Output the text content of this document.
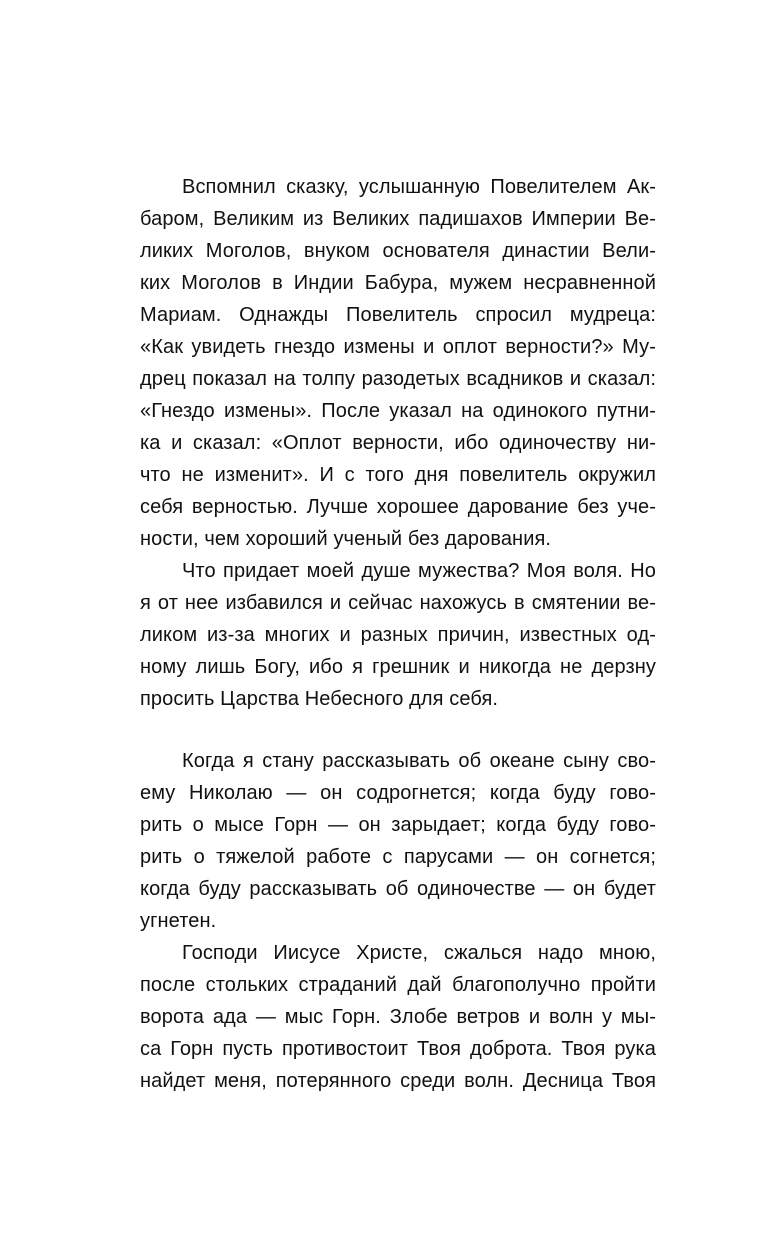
Вспомнил сказку, услышанную Повелителем Ак-
баром, Великим из Великих падишахов Империи Ве-
ликих Моголов, внуком основателя династии Вели-
ких Моголов в Индии Бабура, мужем несравненной
Мариам. Однажды Повелитель спросил мудреца:
«Как увидеть гнездо измены и оплот верности?» Му-
дрец показал на толпу разодетых всадников и сказал:
«Гнездо измены». После указал на одинокого путни-
ка и сказал: «Оплот верности, ибо одиночеству ни-
что не изменит». И с того дня повелитель окружил
себя верностью. Лучше хорошее дарование без уче-
ности, чем хороший ученый без дарования.
Что придает моей душе мужества? Моя воля. Но
я от нее избавился и сейчас нахожусь в смятении ве-
ликом из-за многих и разных причин, известных од-
ному лишь Богу, ибо я грешник и никогда не дерзну
просить Царства Небесного для себя.
Когда я стану рассказывать об океане сыну сво-
ему Николаю — он содрогнется; когда буду гово-
рить о мысе Горн — он зарыдает; когда буду гово-
рить о тяжелой работе с парусами — он согнется;
когда буду рассказывать об одиночестве — он будет
угнетен.
Господи Иисусе Христе, сжалься надо мною,
после стольких страданий дай благополучно пройти
ворота ада — мыс Горн. Злобе ветров и волн у мы-
са Горн пусть противостоит Твоя доброта. Твоя рука
найдет меня, потерянного среди волн. Десница Твоя
